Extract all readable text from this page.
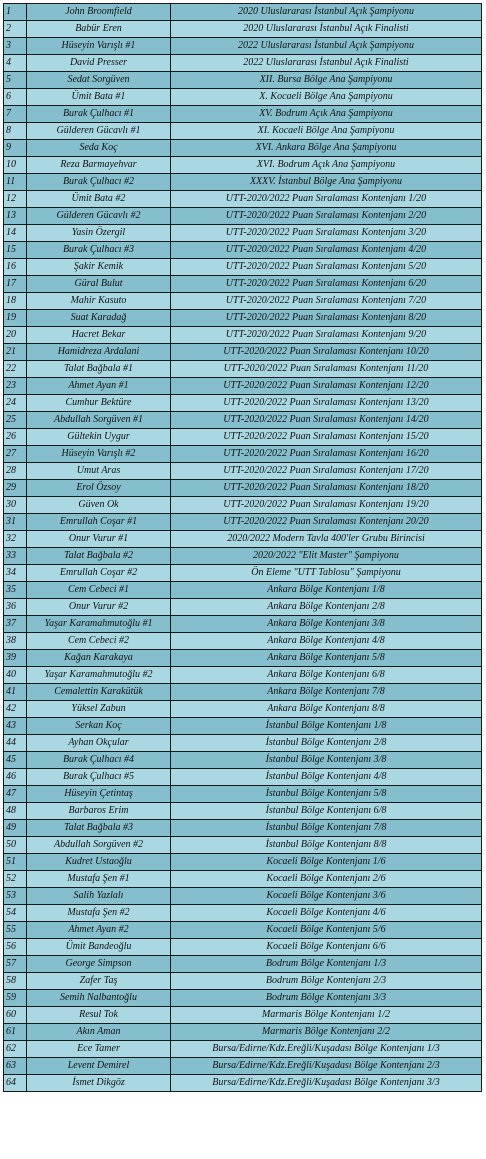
1	John Broomfield	2020 Uluslararası İstanbul Açık Şampiyonu
2	Babür Eren	2020 Uluslararası İstanbul Açık Finalisti
3	Hüseyin Varışlı #1	2022 Uluslararası İstanbul Açık Şampiyonu
4	David Presser	2022 Uluslararası İstanbul Açık Finalisti
5	Sedat Sorgüven	XII. Bursa Bölge Ana Şampiyonu
6	Ümit Bata #1	X. Kocaeli Bölge Ana Şampiyonu
7	Burak Çulhacı #1	XV. Bodrum Açık Ana Şampiyonu
8	Gülderen Gücavlı #1	XI. Kocaeli Bölge Ana Şampiyonu
9	Seda Koç	XVI. Ankara Bölge Ana Şampiyonu
10	Reza Barmayehvar	XVI. Bodrum Açık Ana Şampiyonu
11	Burak Çulhacı #2	XXXV. İstanbul Bölge Ana Şampiyonu
12	Ümit Bata #2	UTT-2020/2022 Puan Sıralaması Kontenjanı 1/20
13	Gülderen Gücavlı #2	UTT-2020/2022 Puan Sıralaması Kontenjanı 2/20
14	Yasin Özergil	UTT-2020/2022 Puan Sıralaması Kontenjanı 3/20
15	Burak Çulhacı #3	UTT-2020/2022 Puan Sıralaması Kontenjanı 4/20
16	Şakir Kemik	UTT-2020/2022 Puan Sıralaması Kontenjanı 5/20
17	Güral Bulut	UTT-2020/2022 Puan Sıralaması Kontenjanı 6/20
18	Mahir Kasuto	UTT-2020/2022 Puan Sıralaması Kontenjanı 7/20
19	Suat Karadağ	UTT-2020/2022 Puan Sıralaması Kontenjanı 8/20
20	Hacret Bekar	UTT-2020/2022 Puan Sıralaması Kontenjanı 9/20
21	Hamidreza Ardalani	UTT-2020/2022 Puan Sıralaması Kontenjanı 10/20
22	Talat Bağbala #1	UTT-2020/2022 Puan Sıralaması Kontenjanı 11/20
23	Ahmet Ayan #1	UTT-2020/2022 Puan Sıralaması Kontenjanı 12/20
24	Cumhur Bektüre	UTT-2020/2022 Puan Sıralaması Kontenjanı 13/20
25	Abdullah Sorgüven #1	UTT-2020/2022 Puan Sıralaması Kontenjanı 14/20
26	Gültekin Uygur	UTT-2020/2022 Puan Sıralaması Kontenjanı 15/20
27	Hüseyin Varışlı #2	UTT-2020/2022 Puan Sıralaması Kontenjanı 16/20
28	Umut Aras	UTT-2020/2022 Puan Sıralaması Kontenjanı 17/20
29	Erol Özsoy	UTT-2020/2022 Puan Sıralaması Kontenjanı 18/20
30	Güven Ok	UTT-2020/2022 Puan Sıralaması Kontenjanı 19/20
31	Emrullah Coşar #1	UTT-2020/2022 Puan Sıralaması Kontenjanı 20/20
32	Onur Vurur #1	2020/2022 Modern Tavla 400'ler Grubu Birincisi
33	Talat Bağbala #2	2020/2022 "Elit Master" Şampiyonu
34	Emrullah Coşar #2	Ön Eleme "UTT Tablosu" Şampiyonu
35	Cem Cebeci #1	Ankara Bölge Kontenjanı 1/8
36	Onur Vurur #2	Ankara Bölge Kontenjanı 2/8
37	Yaşar Karamahmutoğlu #1	Ankara Bölge Kontenjanı 3/8
38	Cem Cebeci #2	Ankara Bölge Kontenjanı 4/8
39	Kağan Karakaya	Ankara Bölge Kontenjanı 5/8
40	Yaşar Karamahmutoğlu #2	Ankara Bölge Kontenjanı 6/8
41	Cemalettin Karakütük	Ankara Bölge Kontenjanı 7/8
42	Yüksel Zabun	Ankara Bölge Kontenjanı 8/8
43	Serkan Koç	İstanbul Bölge Kontenjanı 1/8
44	Ayhan Okçular	İstanbul Bölge Kontenjanı 2/8
45	Burak Çulhacı #4	İstanbul Bölge Kontenjanı 3/8
46	Burak Çulhacı #5	İstanbul Bölge Kontenjanı 4/8
47	Hüseyin Çetintaş	İstanbul Bölge Kontenjanı 5/8
48	Barbaros Erim	İstanbul Bölge Kontenjanı 6/8
49	Talat Bağbala #3	İstanbul Bölge Kontenjanı 7/8
50	Abdullah Sorgüven #2	İstanbul Bölge Kontenjanı 8/8
51	Kudret Ustaoğlu	Kocaeli Bölge Kontenjanı 1/6
52	Mustafa Şen #1	Kocaeli Bölge Kontenjanı 2/6
53	Salih Yazlalı	Kocaeli Bölge Kontenjanı 3/6
54	Mustafa Şen #2	Kocaeli Bölge Kontenjanı 4/6
55	Ahmet Ayan #2	Kocaeli Bölge Kontenjanı 5/6
56	Ümit Bandeoğlu	Kocaeli Bölge Kontenjanı 6/6
57	George Simpson	Bodrum Bölge Kontenjanı 1/3
58	Zafer Taş	Bodrum Bölge Kontenjanı 2/3
59	Semih Nalbantoğlu	Bodrum Bölge Kontenjanı 3/3
60	Resul Tok	Marmaris Bölge Kontenjanı 1/2
61	Akın Aman	Marmaris Bölge Kontenjanı 2/2
62	Ece Tamer	Bursa/Edirne/Kdz.Ereğli/Kuşadası Bölge Kontenjanı 1/3
63	Levent Demirel	Bursa/Edirne/Kdz.Ereğli/Kuşadası Bölge Kontenjanı 2/3
64	İsmet Dikgöz	Bursa/Edirne/Kdz.Ereğli/Kuşadası Bölge Kontenjanı 3/3
